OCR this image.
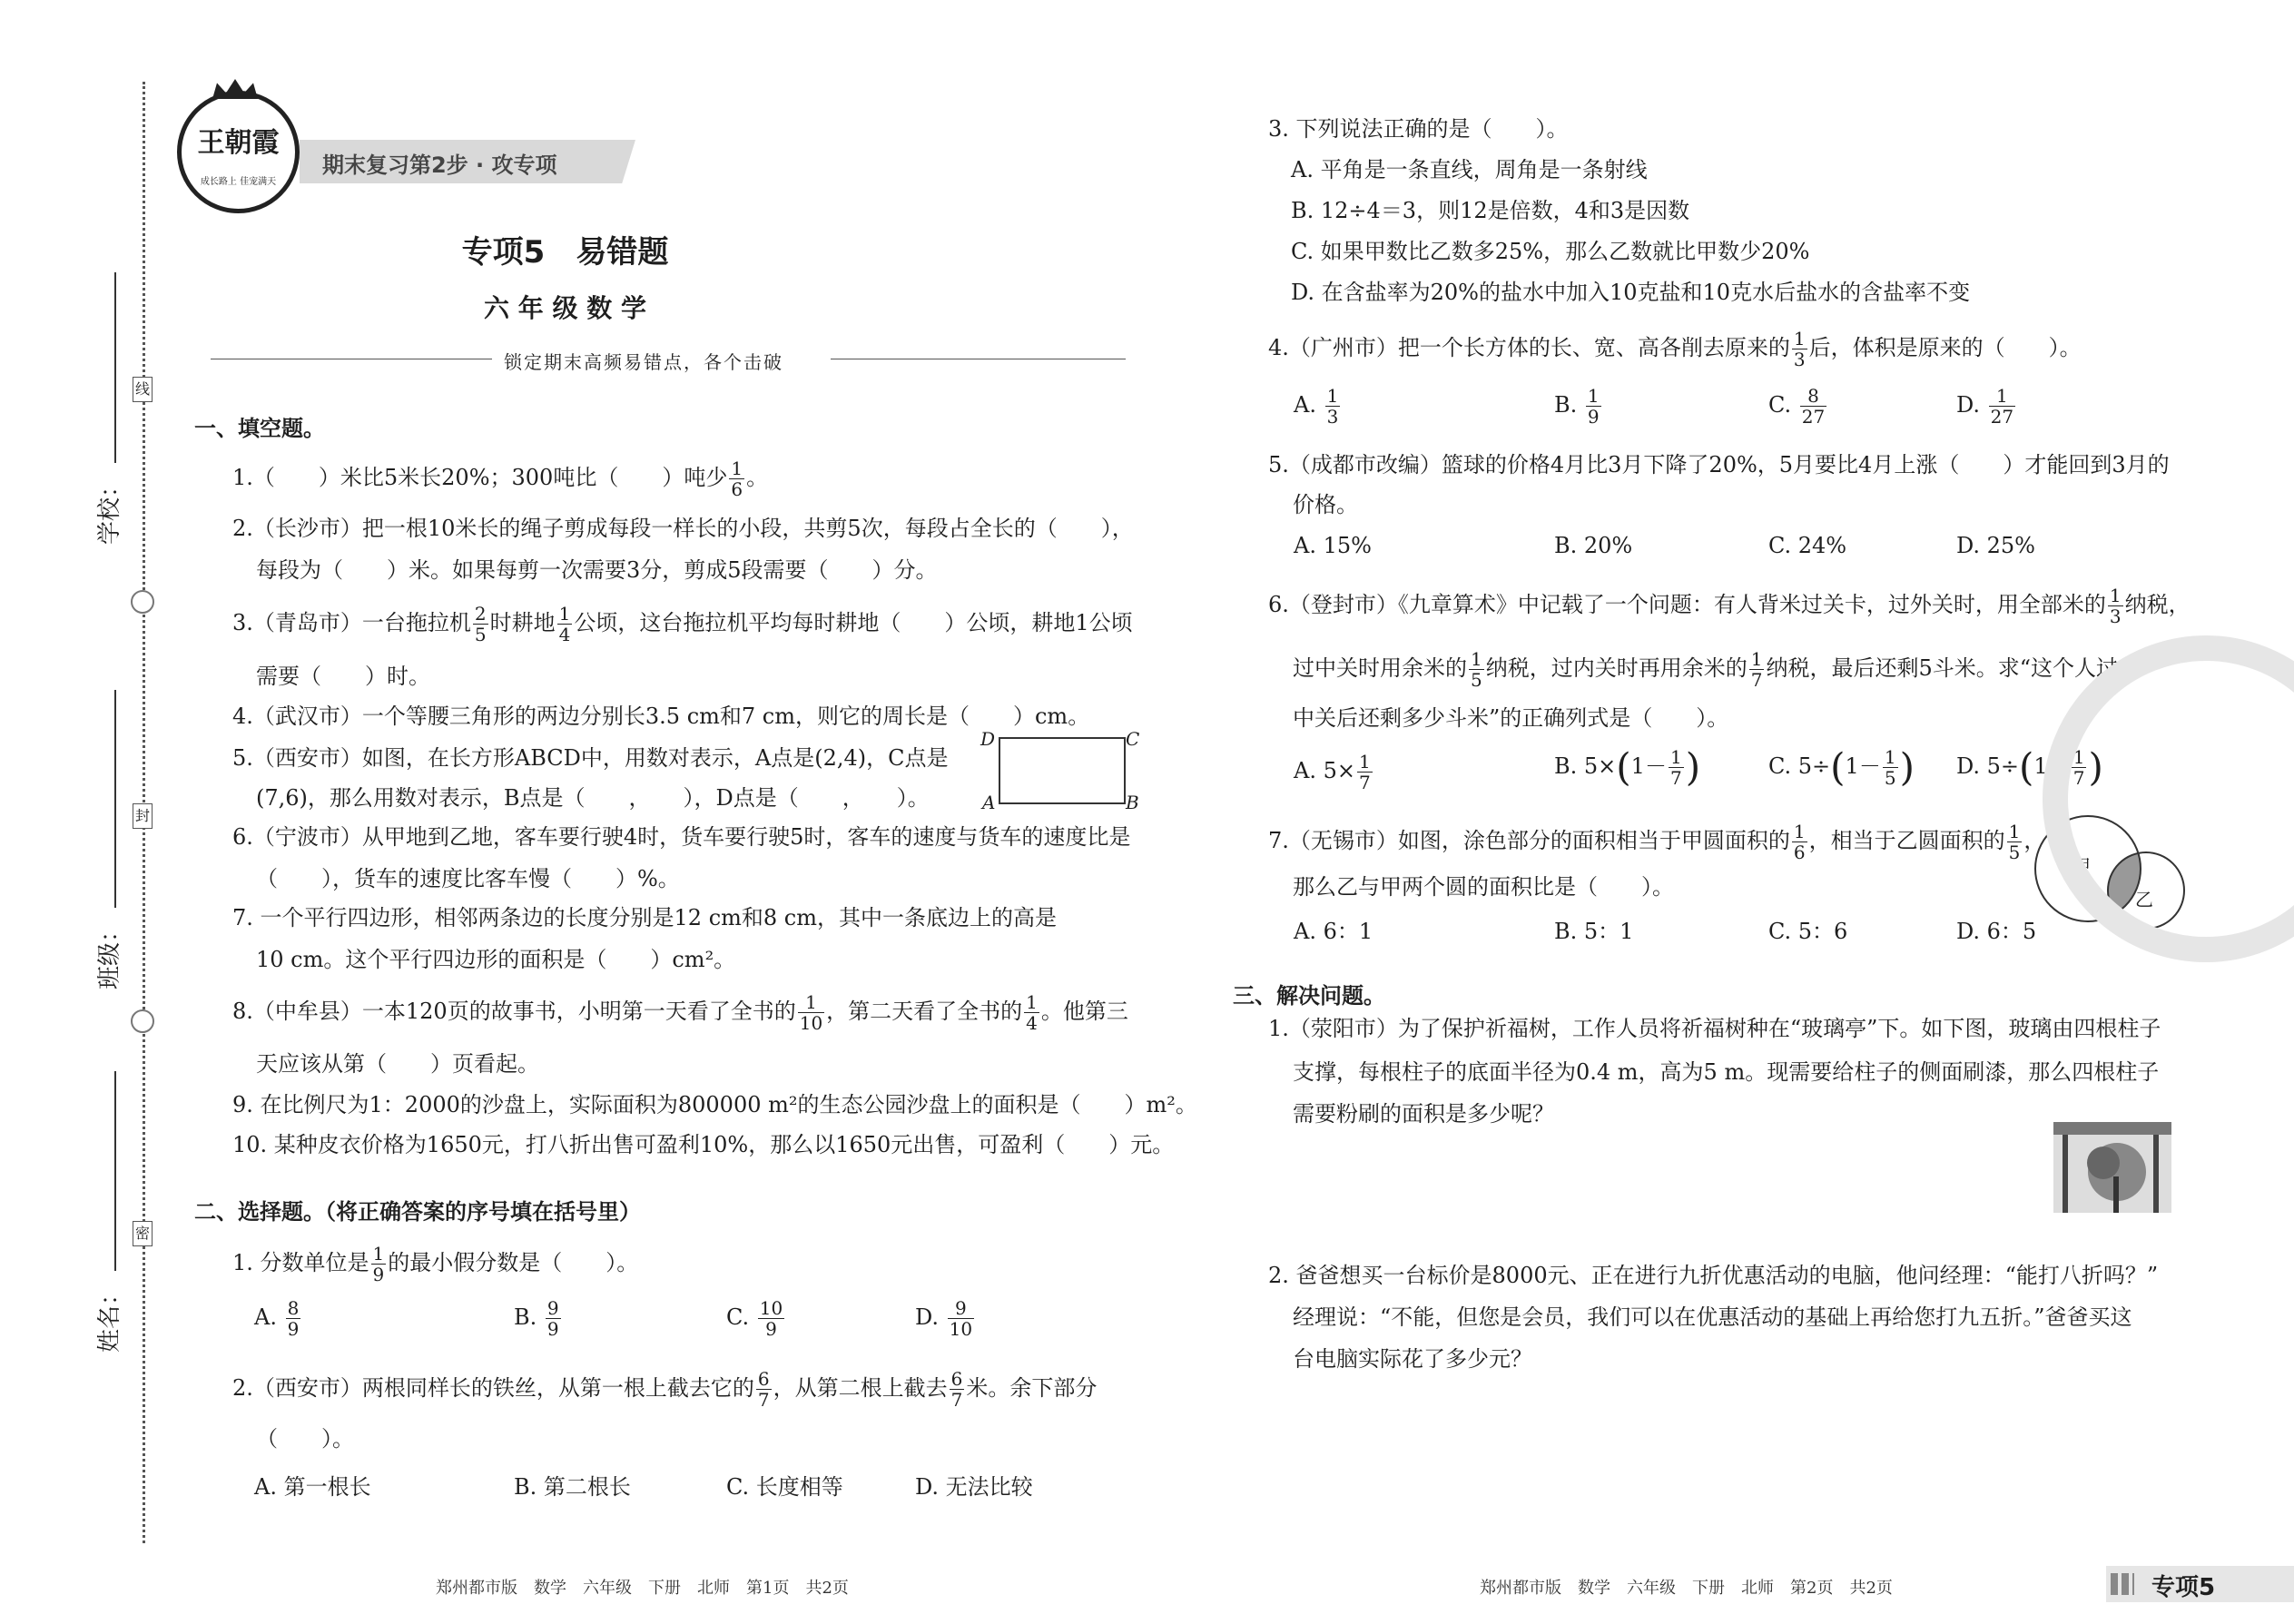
线
封
密
学校：
班级：
姓名：
王朝霞
成长路上 佳宠满天
期末复习第2步 · 攻专项
专项5　易错题
六 年 级 数 学
锁定期末高频易错点，各个击破
一、填空题。
1.（　　）米比5米长20%；300吨比（　　）吨少 $\frac{1}{6}$ 。
2.（长沙市）把一根10米长的绳子剪成每段一样长的小段，共剪5次，每段占全长的（　　），
每段为（　　）米。如果每剪一次需要3分，剪成5段需要（　　）分。
3.（青岛市）一台拖拉机 $\frac{2}{5}$ 时耕地 $\frac{1}{4}$ 公顷，这台拖拉机平均每时耕地（　　）公顷，耕地1公顷
需要（　　）时。
4.（武汉市）一个等腰三角形的两边分别长3.5 cm和7 cm，则它的周长是（　　）cm。
5.（西安市）如图，在长方形ABCD中，用数对表示，A点是(2,4)，C点是
(7,6)，那么用数对表示，B点是（　　，　　），D点是（　　，　　）。
D	C
A	B
6.（宁波市）从甲地到乙地，客车要行驶4时，货车要行驶5时，客车的速度与货车的速度比是
（　　），货车的速度比客车慢（　　）%。
7. 一个平行四边形，相邻两条边的长度分别是12 cm和8 cm，其中一条底边上的高是
10 cm。这个平行四边形的面积是（　　）cm²。
8.（中牟县）一本120页的故事书，小明第一天看了全书的 $\frac{1}{10}$ ，第二天看了全书的 $\frac{1}{4}$ 。他第三
天应该从第（　　）页看起。
9. 在比例尺为1：2000的沙盘上，实际面积为800000 m²的生态公园沙盘上的面积是（　　）m²。
10. 某种皮衣价格为1650元，打八折出售可盈利10%，那么以1650元出售，可盈利（　　）元。
二、选择题。（将正确答案的序号填在括号里）
1. 分数单位是 $\frac{1}{9}$ 的最小假分数是（　　）。
A. $\frac{8}{9}$	B. $\frac{9}{9}$	C. $\frac{10}{9}$	D. $\frac{9}{10}$
2.（西安市）两根同样长的铁丝，从第一根上截去它的 $\frac{6}{7}$ ，从第二根上截去 $\frac{6}{7}$ 米。余下部分
（　　）。
A. 第一根长	B. 第二根长	C. 长度相等	D. 无法比较
郑州都市版　数学　六年级　下册　北师　第1页　共2页
3. 下列说法正确的是（　　）。
A. 平角是一条直线，周角是一条射线
B. 12÷4＝3，则12是倍数，4和3是因数
C. 如果甲数比乙数多25%，那么乙数就比甲数少20%
D. 在含盐率为20%的盐水中加入10克盐和10克水后盐水的含盐率不变
4.（广州市）把一个长方体的长、宽、高各削去原来的 $\frac{1}{3}$ 后，体积是原来的（　　）。
A. $\frac{1}{3}$	B. $\frac{1}{9}$	C. $\frac{8}{27}$	D. $\frac{1}{27}$
5.（成都市改编）篮球的价格4月比3月下降了20%，5月要比4月上涨（　　）才能回到3月的
价格。
A. 15%	B. 20%	C. 24%	D. 25%
6.（登封市）《九章算术》中记载了一个问题：有人背米过关卡，过外关时，用全部米的 $\frac{1}{3}$ 纳税，
过中关时用余米的 $\frac{1}{5}$ 纳税，过内关时再用余米的 $\frac{1}{7}$ 纳税，最后还剩5斗米。求“这个人过
中关后还剩多少斗米”的正确列式是（　　）。
A. $5\times \frac{1}{7}$	B. $5\times(1- \frac{1}{7}$ )	C. $5\div(1- \frac{1}{5}$ ) D. $5\div(1- \frac{1}{7}$ )
7.（无锡市）如图，涂色部分的面积相当于甲圆面积的 $\frac{1}{6}$ ，相当于乙圆面积的 $\frac{1}{5}$ ，
那么乙与甲两个圆的面积比是（　　）。
A. 6：1	B. 5：1	C. 5：6	D. 6：5
甲
乙
三、解决问题。
1.（荥阳市）为了保护祈福树，工作人员将祈福树种在“玻璃亭”下。如下图，玻璃由四根柱子
支撑，每根柱子的底面半径为0.4 m，高为5 m。现需要给柱子的侧面刷漆，那么四根柱子
需要粉刷的面积是多少呢？
2. 爸爸想买一台标价是8000元、正在进行九折优惠活动的电脑，他问经理：“能打八折吗？”
经理说：“不能，但您是会员，我们可以在优惠活动的基础上再给您打九五折。”爸爸买这
台电脑实际花了多少元？
郑州都市版　数学　六年级　下册　北师　第2页　共2页	专项5
